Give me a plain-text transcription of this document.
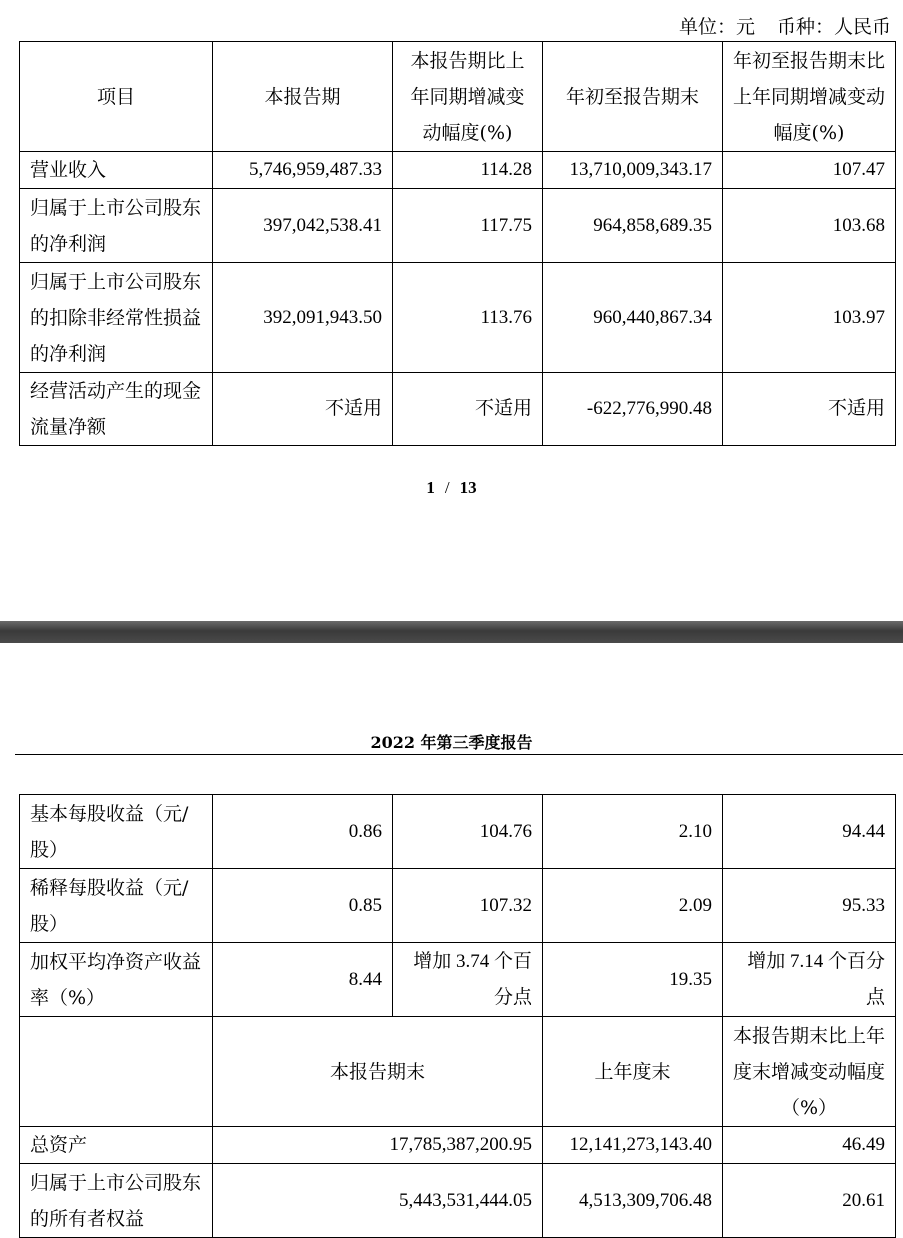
单位：元 币种：人民币
项目	本报告期	本报告期比上年同期增减变动幅度(%)	年初至报告期末	年初至报告期末比上年同期增减变动幅度(%)
营业收入	5,746,959,487.33	114.28	13,710,009,343.17	107.47
归属于上市公司股东的净利润	397,042,538.41	117.75	964,858,689.35	103.68
归属于上市公司股东的扣除非经常性损益的净利润	392,091,943.50	113.76	960,440,867.34	103.97
经营活动产生的现金流量净额	不适用	不适用	-622,776,990.48	不适用
1 / 13
2022 年第三季度报告
基本每股收益（元/股）	0.86	104.76	2.10	94.44
稀释每股收益（元/股）	0.85	107.32	2.09	95.33
加权平均净资产收益率（%）	8.44	增加 3.74 个百分点	19.35	增加 7.14 个百分点
	本报告期末		上年度末	本报告期末比上年度末增减变动幅度（%）
总资产	17,785,387,200.95		12,141,273,143.40	46.49
归属于上市公司股东的所有者权益	5,443,531,444.05		4,513,309,706.48	20.61
